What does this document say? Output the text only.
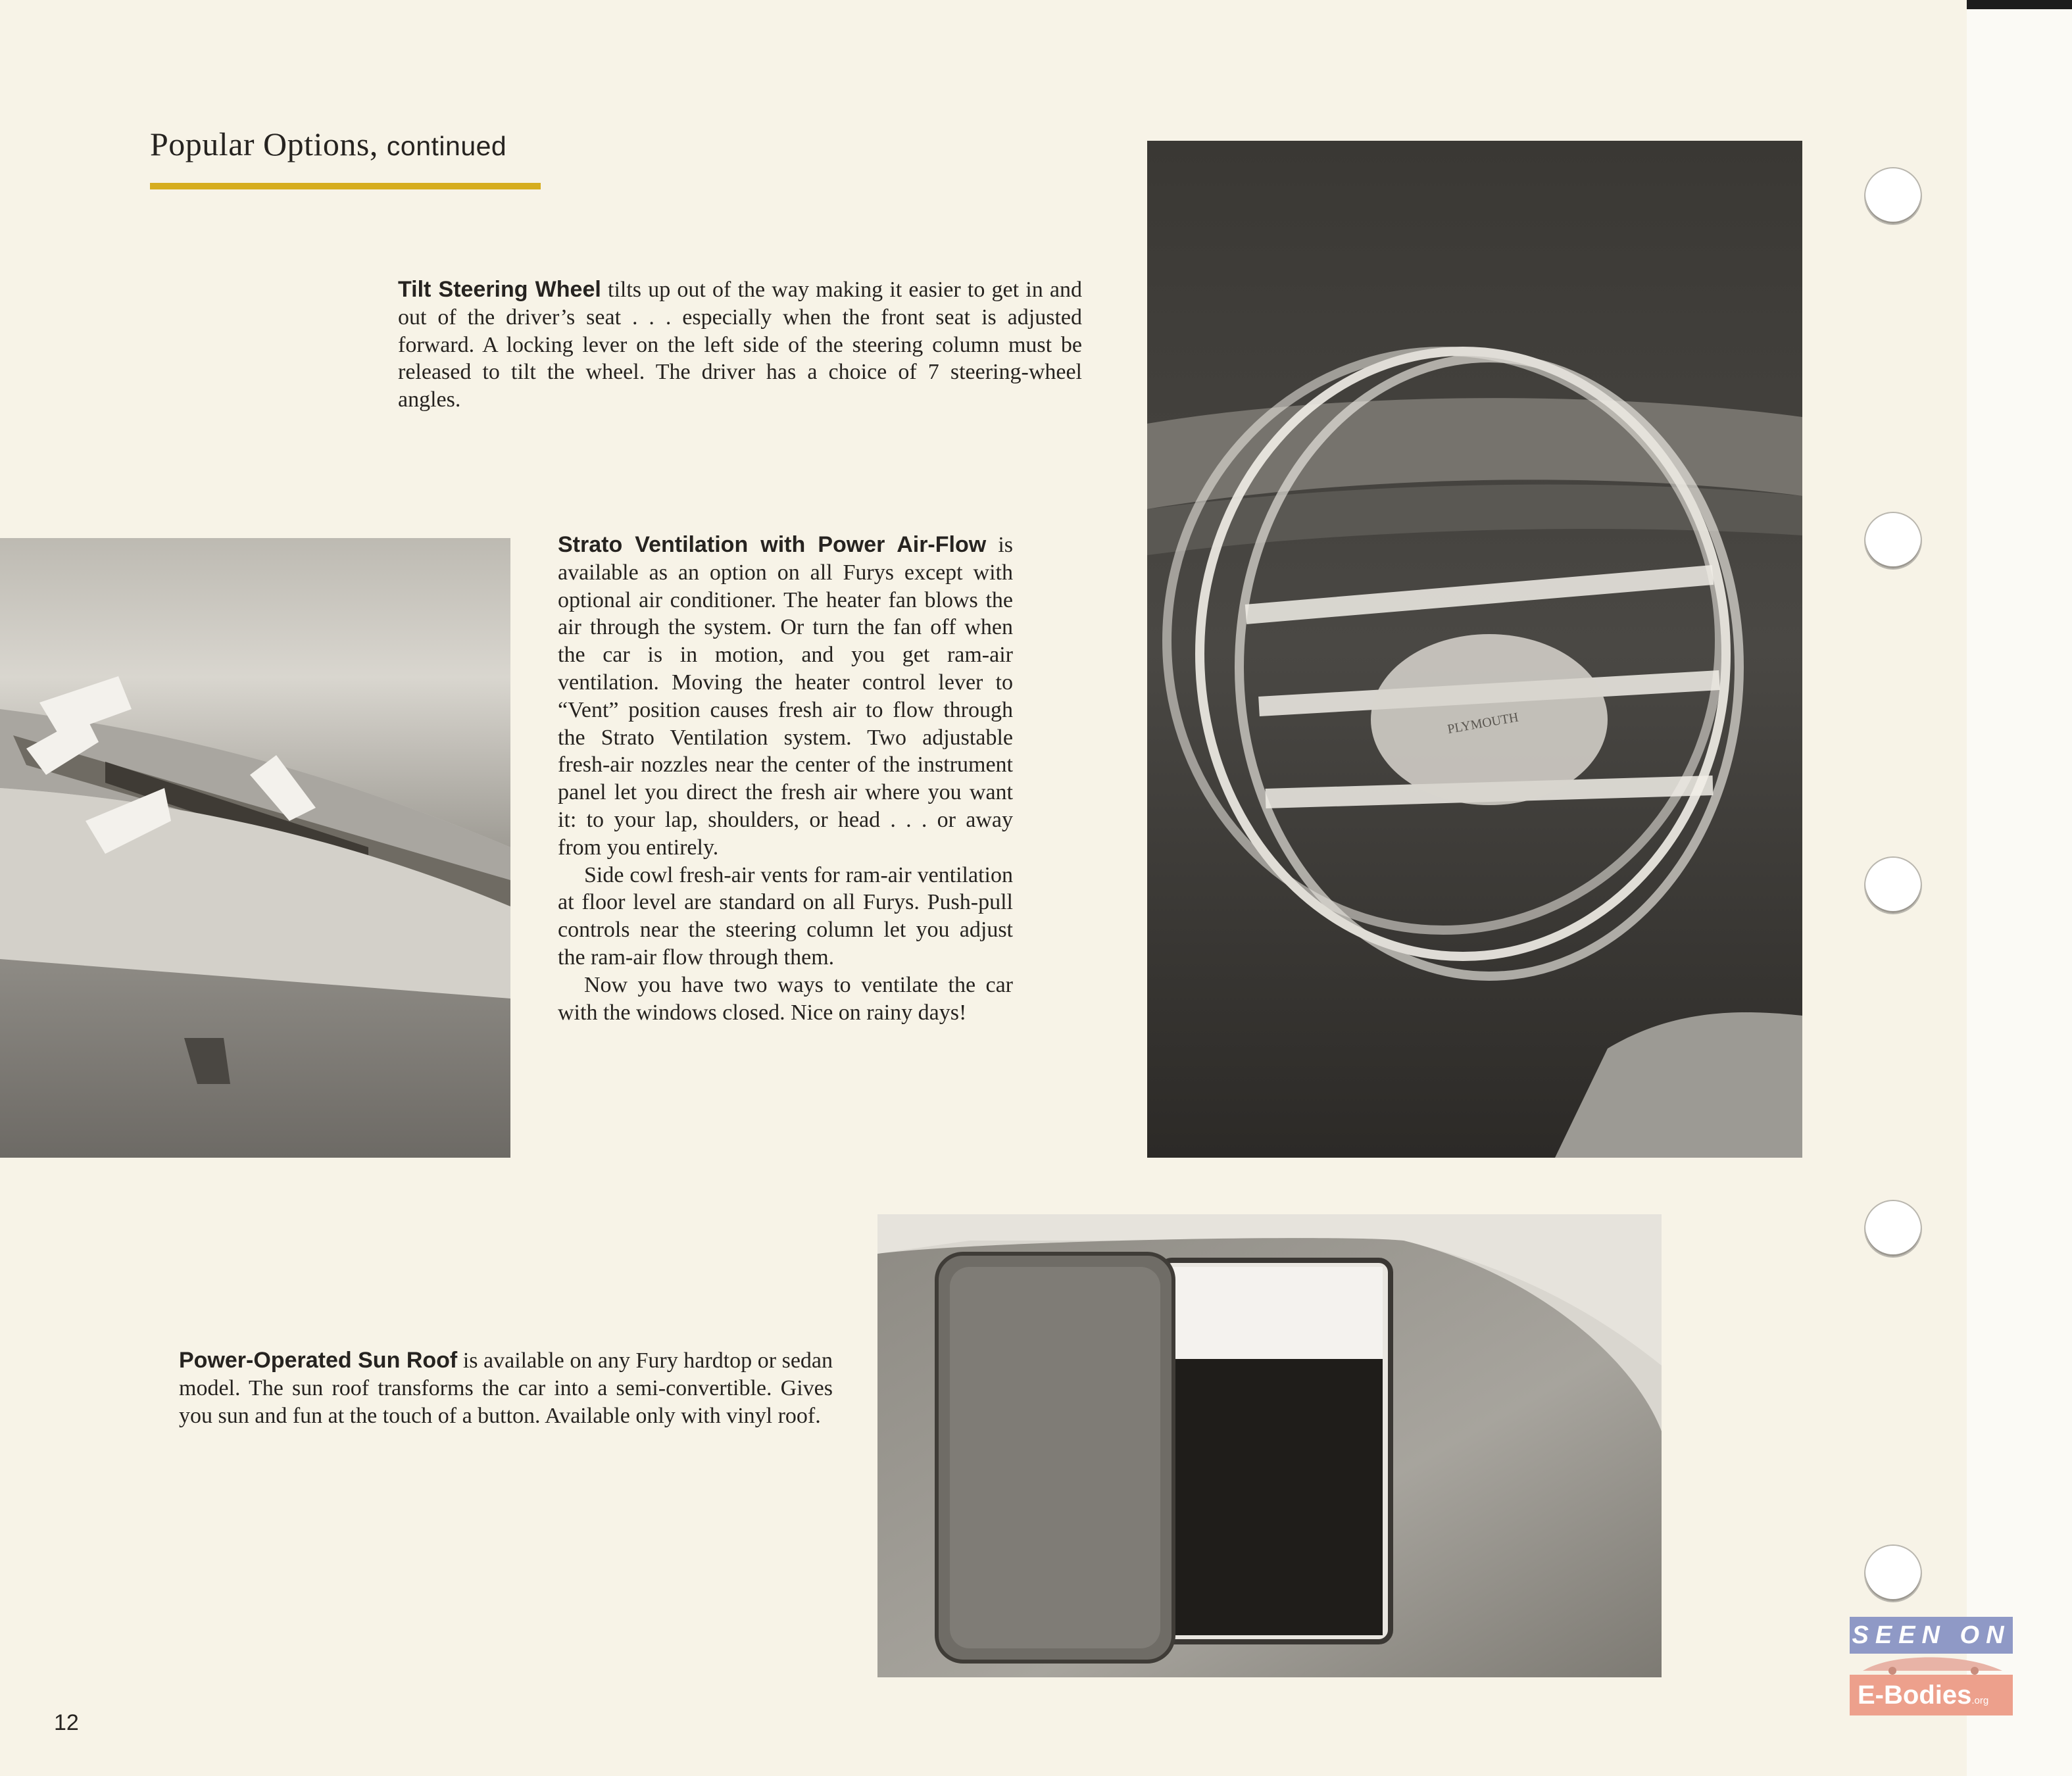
Popular Options, continued

Tilt Steering Wheel tilts up out of the way making it easier to get in and out of the driver’s seat . . . especially when the front seat is adjusted forward. A locking lever on the left side of the steering column must be released to tilt the wheel. The driver has a choice of 7 steering-wheel angles.

Strato Ventilation with Power Air-Flow is available as an option on all Furys except with optional air conditioner. The heater fan blows the air through the system. Or turn the fan off when the car is in motion, and you get ram-air ventilation. Moving the heater control lever to “Vent” position causes fresh air to flow through the Strato Ventilation system. Two adjustable fresh-air nozzles near the center of the instrument panel let you direct the fresh air where you want it: to your lap, shoulders, or head . . . or away from you entirely.

Side cowl fresh-air vents for ram-air ventilation at floor level are standard on all Furys. Push-pull controls near the steering column let you adjust the ram-air flow through them.

Now you have two ways to ventilate the car with the windows closed. Nice on rainy days!

Power-Operated Sun Roof is available on any Fury hardtop or sedan model. The sun roof transforms the car into a semi-convertible. Gives you sun and fun at the touch of a button. Available only with vinyl roof.

PLYMOUTH
12
SEEN ON
E-Bodies.org
